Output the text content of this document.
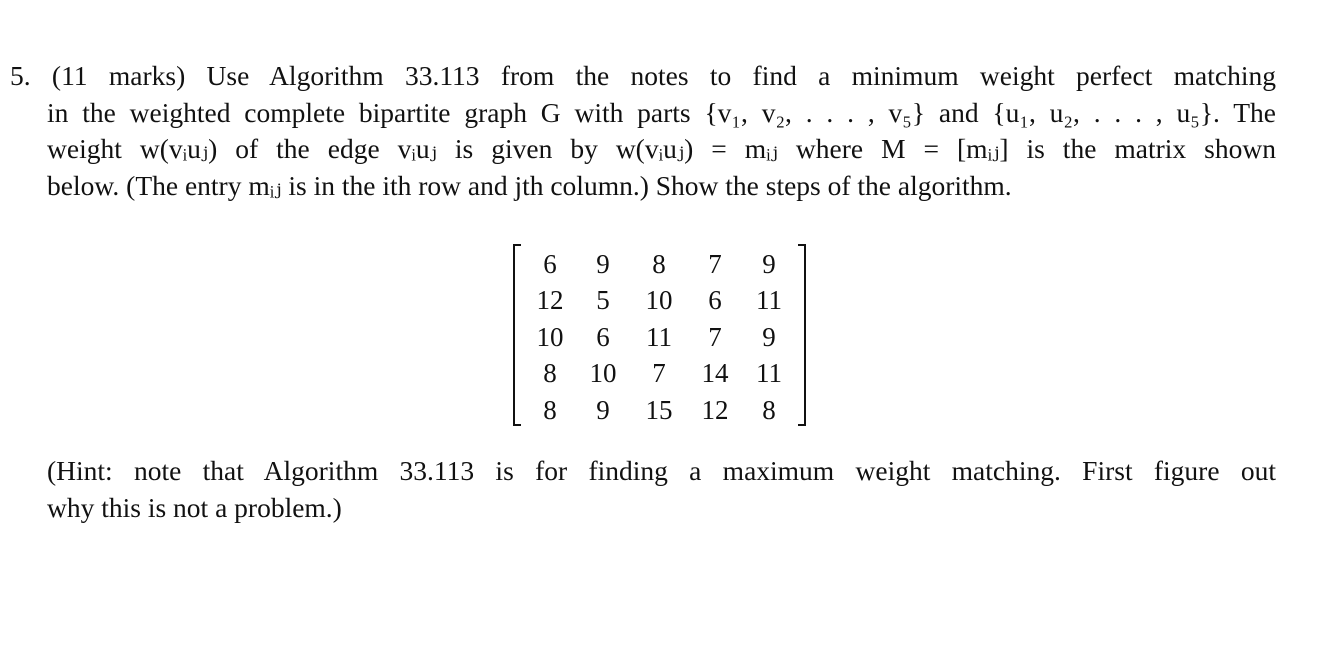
5. (11 marks) Use Algorithm 33.113 from the notes to find a minimum weight perfect matching
in the weighted complete bipartite graph G with parts {v₁, v₂, . . . , v₅} and {u₁, u₂, . . . , u₅}. The
weight w(vᵢuⱼ) of the edge vᵢuⱼ is given by w(vᵢuⱼ) = mᵢⱼ where M = [mᵢⱼ] is the matrix shown
below. (The entry mᵢⱼ is in the ith row and jth column.) Show the steps of the algorithm.
6	9	8	7	9
12	5	10	6	11
10	6	11	7	9
8	10	7	14	11
8	9	15	12	8
(Hint: note that Algorithm 33.113 is for finding a maximum weight matching. First figure out
why this is not a problem.)
